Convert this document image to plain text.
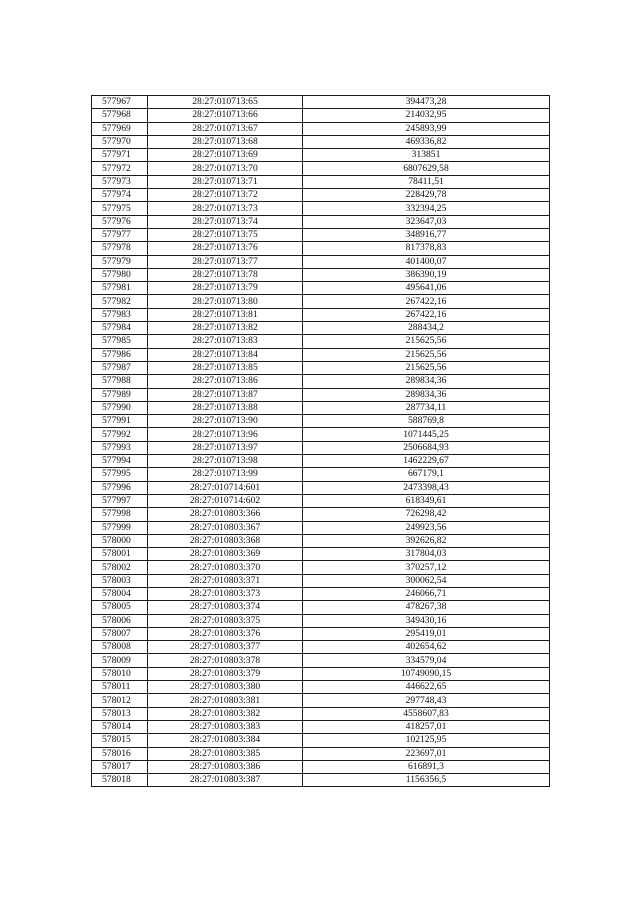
577967	28:27:010713:65	394473,28
577968	28:27:010713:66	214032,95
577969	28:27:010713:67	245893,99
577970	28:27:010713:68	469336,82
577971	28:27:010713:69	313851
577972	28:27:010713:70	6807629,58
577973	28:27:010713:71	78411,51
577974	28:27:010713:72	228429,78
577975	28:27:010713:73	332394,25
577976	28:27:010713:74	323647,03
577977	28:27:010713:75	348916,77
577978	28:27:010713:76	817378,83
577979	28:27:010713:77	401400,07
577980	28:27:010713:78	386390,19
577981	28:27:010713:79	495641,06
577982	28:27:010713:80	267422,16
577983	28:27:010713:81	267422,16
577984	28:27:010713:82	288434,2
577985	28:27:010713:83	215625,56
577986	28:27:010713:84	215625,56
577987	28:27:010713:85	215625,56
577988	28:27:010713:86	289834,36
577989	28:27:010713:87	289834,36
577990	28:27:010713:88	287734,11
577991	28:27:010713:90	588769,8
577992	28:27:010713:96	1071445,25
577993	28:27:010713:97	2506684,93
577994	28:27:010713:98	1462229,67
577995	28:27:010713:99	667179,1
577996	28:27:010714:601	2473398,43
577997	28:27:010714:602	618349,61
577998	28:27:010803:366	726298,42
577999	28:27:010803:367	249923,56
578000	28:27:010803:368	392626,82
578001	28:27:010803:369	317804,03
578002	28:27:010803:370	370257,12
578003	28:27:010803:371	300062,54
578004	28:27:010803:373	246066,71
578005	28:27:010803:374	478267,38
578006	28:27:010803:375	349430,16
578007	28:27:010803:376	295419,01
578008	28:27:010803:377	402654,62
578009	28:27:010803:378	334579,04
578010	28:27:010803:379	10749090,15
578011	28:27:010803:380	446622,65
578012	28:27:010803:381	297748,43
578013	28:27:010803:382	4558607,83
578014	28:27:010803:383	418257,01
578015	28:27:010803:384	102125,95
578016	28:27:010803:385	223697,01
578017	28:27:010803:386	616891,3
578018	28:27:010803:387	1156356,5
